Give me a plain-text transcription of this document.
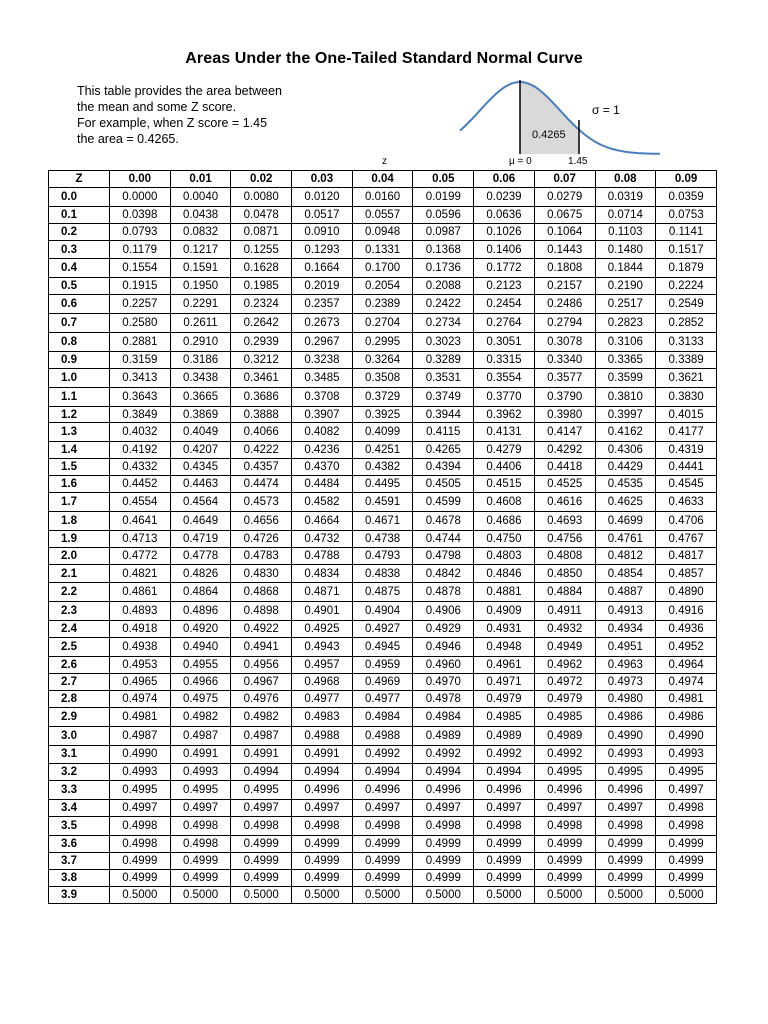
Areas Under the One-Tailed Standard Normal Curve
This table provides the area between
the mean and some Z score.
For example, when Z score = 1.45
the area = 0.4265.
σ = 1
0.4265
z	μ = 0	1.45
Z	0.00	0.01	0.02	0.03	0.04	0.05	0.06	0.07	0.08	0.09
0.0	0.0000	0.0040	0.0080	0.0120	0.0160	0.0199	0.0239	0.0279	0.0319	0.0359
0.1	0.0398	0.0438	0.0478	0.0517	0.0557	0.0596	0.0636	0.0675	0.0714	0.0753
0.2	0.0793	0.0832	0.0871	0.0910	0.0948	0.0987	0.1026	0.1064	0.1103	0.1141
0.3	0.1179	0.1217	0.1255	0.1293	0.1331	0.1368	0.1406	0.1443	0.1480	0.1517
0.4	0.1554	0.1591	0.1628	0.1664	0.1700	0.1736	0.1772	0.1808	0.1844	0.1879
0.5	0.1915	0.1950	0.1985	0.2019	0.2054	0.2088	0.2123	0.2157	0.2190	0.2224
0.6	0.2257	0.2291	0.2324	0.2357	0.2389	0.2422	0.2454	0.2486	0.2517	0.2549
0.7	0.2580	0.2611	0.2642	0.2673	0.2704	0.2734	0.2764	0.2794	0.2823	0.2852
0.8	0.2881	0.2910	0.2939	0.2967	0.2995	0.3023	0.3051	0.3078	0.3106	0.3133
0.9	0.3159	0.3186	0.3212	0.3238	0.3264	0.3289	0.3315	0.3340	0.3365	0.3389
1.0	0.3413	0.3438	0.3461	0.3485	0.3508	0.3531	0.3554	0.3577	0.3599	0.3621
1.1	0.3643	0.3665	0.3686	0.3708	0.3729	0.3749	0.3770	0.3790	0.3810	0.3830
1.2	0.3849	0.3869	0.3888	0.3907	0.3925	0.3944	0.3962	0.3980	0.3997	0.4015
1.3	0.4032	0.4049	0.4066	0.4082	0.4099	0.4115	0.4131	0.4147	0.4162	0.4177
1.4	0.4192	0.4207	0.4222	0.4236	0.4251	0.4265	0.4279	0.4292	0.4306	0.4319
1.5	0.4332	0.4345	0.4357	0.4370	0.4382	0.4394	0.4406	0.4418	0.4429	0.4441
1.6	0.4452	0.4463	0.4474	0.4484	0.4495	0.4505	0.4515	0.4525	0.4535	0.4545
1.7	0.4554	0.4564	0.4573	0.4582	0.4591	0.4599	0.4608	0.4616	0.4625	0.4633
1.8	0.4641	0.4649	0.4656	0.4664	0.4671	0.4678	0.4686	0.4693	0.4699	0.4706
1.9	0.4713	0.4719	0.4726	0.4732	0.4738	0.4744	0.4750	0.4756	0.4761	0.4767
2.0	0.4772	0.4778	0.4783	0.4788	0.4793	0.4798	0.4803	0.4808	0.4812	0.4817
2.1	0.4821	0.4826	0.4830	0.4834	0.4838	0.4842	0.4846	0.4850	0.4854	0.4857
2.2	0.4861	0.4864	0.4868	0.4871	0.4875	0.4878	0.4881	0.4884	0.4887	0.4890
2.3	0.4893	0.4896	0.4898	0.4901	0.4904	0.4906	0.4909	0.4911	0.4913	0.4916
2.4	0.4918	0.4920	0.4922	0.4925	0.4927	0.4929	0.4931	0.4932	0.4934	0.4936
2.5	0.4938	0.4940	0.4941	0.4943	0.4945	0.4946	0.4948	0.4949	0.4951	0.4952
2.6	0.4953	0.4955	0.4956	0.4957	0.4959	0.4960	0.4961	0.4962	0.4963	0.4964
2.7	0.4965	0.4966	0.4967	0.4968	0.4969	0.4970	0.4971	0.4972	0.4973	0.4974
2.8	0.4974	0.4975	0.4976	0.4977	0.4977	0.4978	0.4979	0.4979	0.4980	0.4981
2.9	0.4981	0.4982	0.4982	0.4983	0.4984	0.4984	0.4985	0.4985	0.4986	0.4986
3.0	0.4987	0.4987	0.4987	0.4988	0.4988	0.4989	0.4989	0.4989	0.4990	0.4990
3.1	0.4990	0.4991	0.4991	0.4991	0.4992	0.4992	0.4992	0.4992	0.4993	0.4993
3.2	0.4993	0.4993	0.4994	0.4994	0.4994	0.4994	0.4994	0.4995	0.4995	0.4995
3.3	0.4995	0.4995	0.4995	0.4996	0.4996	0.4996	0.4996	0.4996	0.4996	0.4997
3.4	0.4997	0.4997	0.4997	0.4997	0.4997	0.4997	0.4997	0.4997	0.4997	0.4998
3.5	0.4998	0.4998	0.4998	0.4998	0.4998	0.4998	0.4998	0.4998	0.4998	0.4998
3.6	0.4998	0.4998	0.4999	0.4999	0.4999	0.4999	0.4999	0.4999	0.4999	0.4999
3.7	0.4999	0.4999	0.4999	0.4999	0.4999	0.4999	0.4999	0.4999	0.4999	0.4999
3.8	0.4999	0.4999	0.4999	0.4999	0.4999	0.4999	0.4999	0.4999	0.4999	0.4999
3.9	0.5000	0.5000	0.5000	0.5000	0.5000	0.5000	0.5000	0.5000	0.5000	0.5000
